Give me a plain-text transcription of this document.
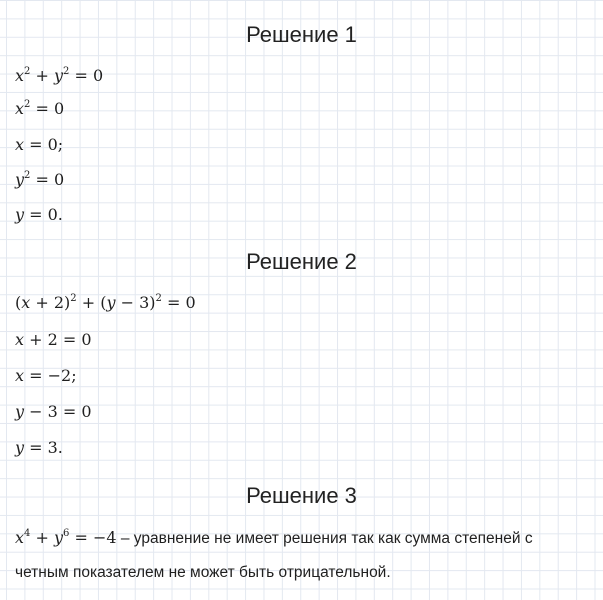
Решение 1
$x^2 + y^2 = 0$
$x^2 = 0$
x = 0;
$y^2 = 0$
y = 0.
Решение 2
$(x + 2)^2 + (y - 3)^2 = 0$
x + 2 = 0
x = −2;
y − 3 = 0
y = 3.
Решение 3
$x^4 + y^6 = -4$ – уравнение не имеет решения так как сумма степеней с
четным показателем не может быть отрицательной.
